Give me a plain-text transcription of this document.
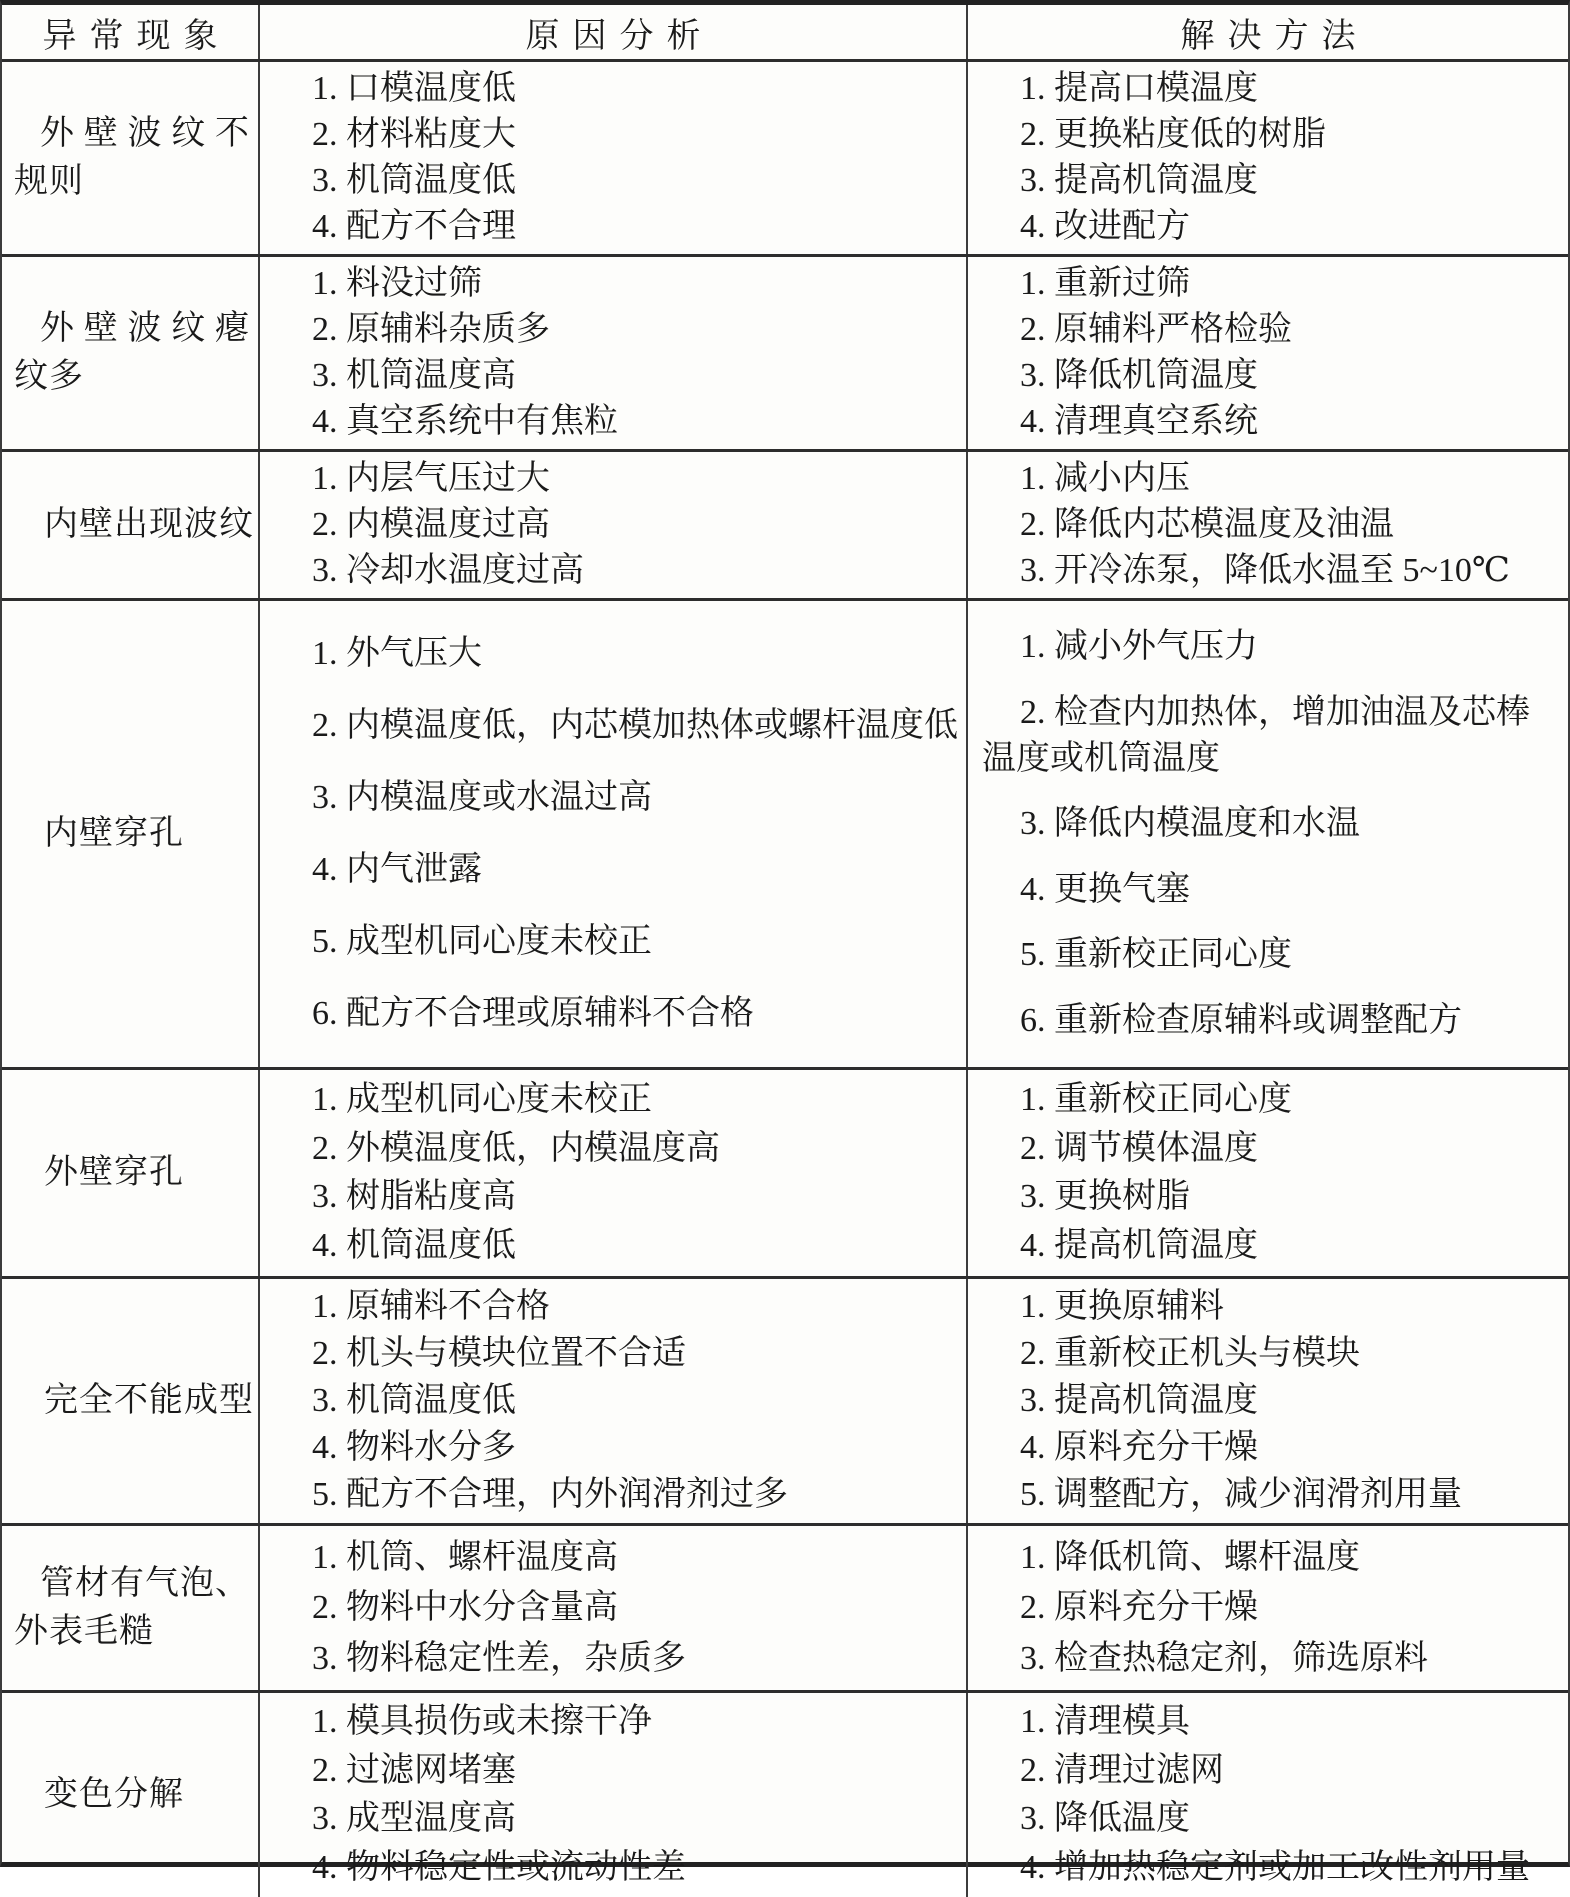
异常现象	原因分析	解决方法
外壁波纹不
规则
1. 口模温度低
2. 材料粘度大
3. 机筒温度低
4. 配方不合理
1. 提高口模温度
2. 更换粘度低的树脂
3. 提高机筒温度
4. 改进配方
外壁波纹瘪
纹多
1. 料没过筛
2. 原辅料杂质多
3. 机筒温度高
4. 真空系统中有焦粒
1. 重新过筛
2. 原辅料严格检验
3. 降低机筒温度
4. 清理真空系统
内壁出现波纹
1. 内层气压过大
2. 内模温度过高
3. 冷却水温度过高
1. 减小内压
2. 降低内芯模温度及油温
3. 开冷冻泵，降低水温至 5~10℃
内壁穿孔
1. 外气压大
2. 内模温度低，内芯模加热体或螺杆温度低
3. 内模温度或水温过高
4. 内气泄露
5. 成型机同心度未校正
6. 配方不合理或原辅料不合格
1. 减小外气压力
2. 检查内加热体，增加油温及芯棒温度或机筒温度
3. 降低内模温度和水温
4. 更换气塞
5. 重新校正同心度
6. 重新检查原辅料或调整配方
外壁穿孔
1. 成型机同心度未校正
2. 外模温度低，内模温度高
3. 树脂粘度高
4. 机筒温度低
1. 重新校正同心度
2. 调节模体温度
3. 更换树脂
4. 提高机筒温度
完全不能成型
1. 原辅料不合格
2. 机头与模块位置不合适
3. 机筒温度低
4. 物料水分多
5. 配方不合理，内外润滑剂过多
1. 更换原辅料
2. 重新校正机头与模块
3. 提高机筒温度
4. 原料充分干燥
5. 调整配方，减少润滑剂用量
管材有气泡、
外表毛糙
1. 机筒、螺杆温度高
2. 物料中水分含量高
3. 物料稳定性差，杂质多
1. 降低机筒、螺杆温度
2. 原料充分干燥
3. 检查热稳定剂，筛选原料
变色分解
1. 模具损伤或未擦干净
2. 过滤网堵塞
3. 成型温度高
4. 物料稳定性或流动性差
1. 清理模具
2. 清理过滤网
3. 降低温度
4. 增加热稳定剂或加工改性剂用量
